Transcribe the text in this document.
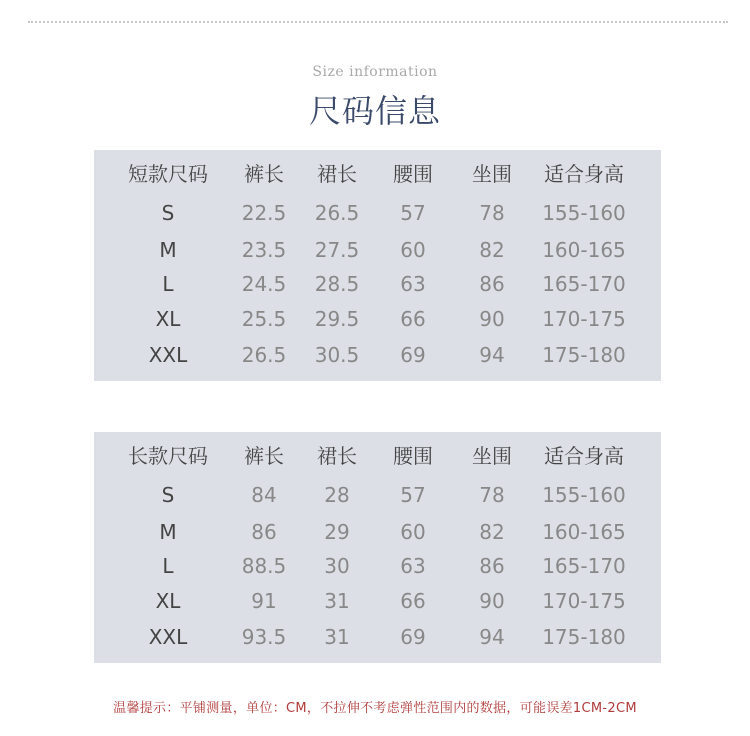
Size information
尺码信息
短款尺码 裤长 裙长 腰围 坐围 适合身高
S	22.5 26.5 57	78 155-160
M	23.5 27.5 60	82 160-165
L	24.5 28.5 63	86 165-170
XL	25.5 29.5 66	90 170-175
XXL	26.5 30.5 69	94 175-180
长款尺码 裤长 裙长 腰围 坐围 适合身高
S	84 28	57	78 155-160
M	86 29	60	82 160-165
L	88.5 30	63	86 165-170
XL	91 31	66	90 170-175
XXL	93.5 31	69	94 175-180
温馨提示：平铺测量，单位：CM，不拉伸不考虑弹性范围内的数据，可能误差1CM-2CM
